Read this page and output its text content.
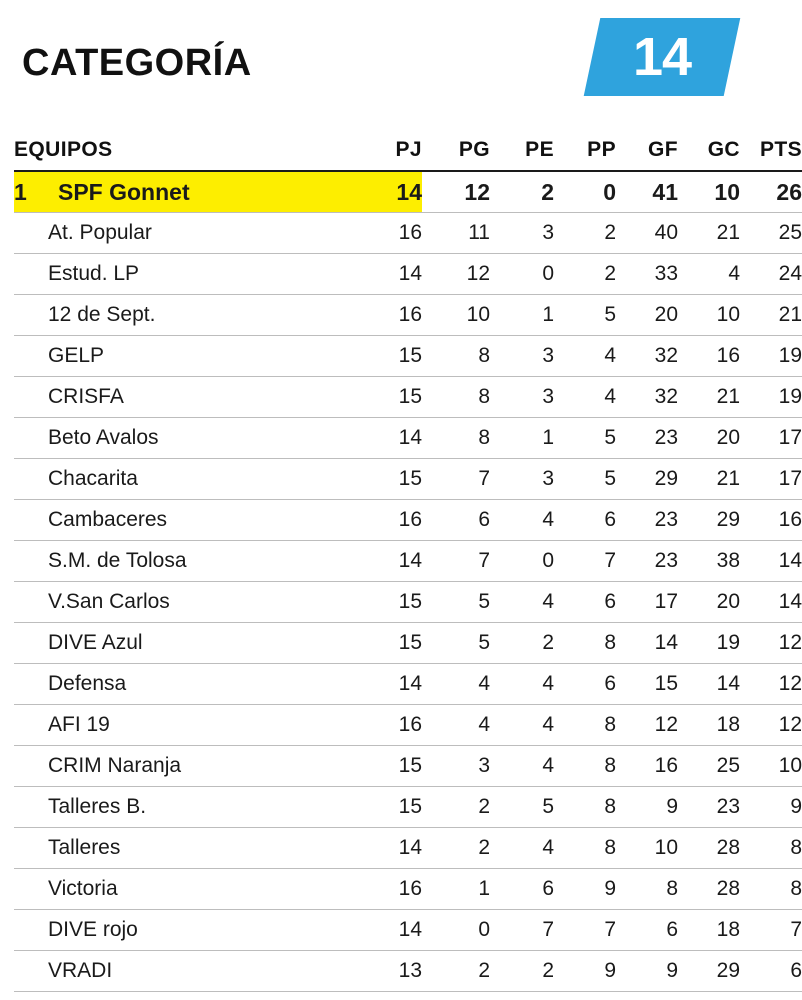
CATEGORÍA	14
EQUIPOS	PJ	PG	PE	PP	GF	GC	PTS
1 SPF Gonnet	14	12	2	0	41	10	26
At. Popular	16	11	3	2	40	21	25
Estud. LP	14	12	0	2	33	4	24
12 de Sept.	16	10	1	5	20	10	21
GELP	15	8	3	4	32	16	19
CRISFA	15	8	3	4	32	21	19
Beto Avalos	14	8	1	5	23	20	17
Chacarita	15	7	3	5	29	21	17
Cambaceres	16	6	4	6	23	29	16
S.M. de Tolosa	14	7	0	7	23	38	14
V.San Carlos	15	5	4	6	17	20	14
DIVE Azul	15	5	2	8	14	19	12
Defensa	14	4	4	6	15	14	12
AFI 19	16	4	4	8	12	18	12
CRIM Naranja	15	3	4	8	16	25	10
Talleres B.	15	2	5	8	9	23	9
Talleres	14	2	4	8	10	28	8
Victoria	16	1	6	9	8	28	8
DIVE rojo	14	0	7	7	6	18	7
VRADI	13	2	2	9	9	29	6
